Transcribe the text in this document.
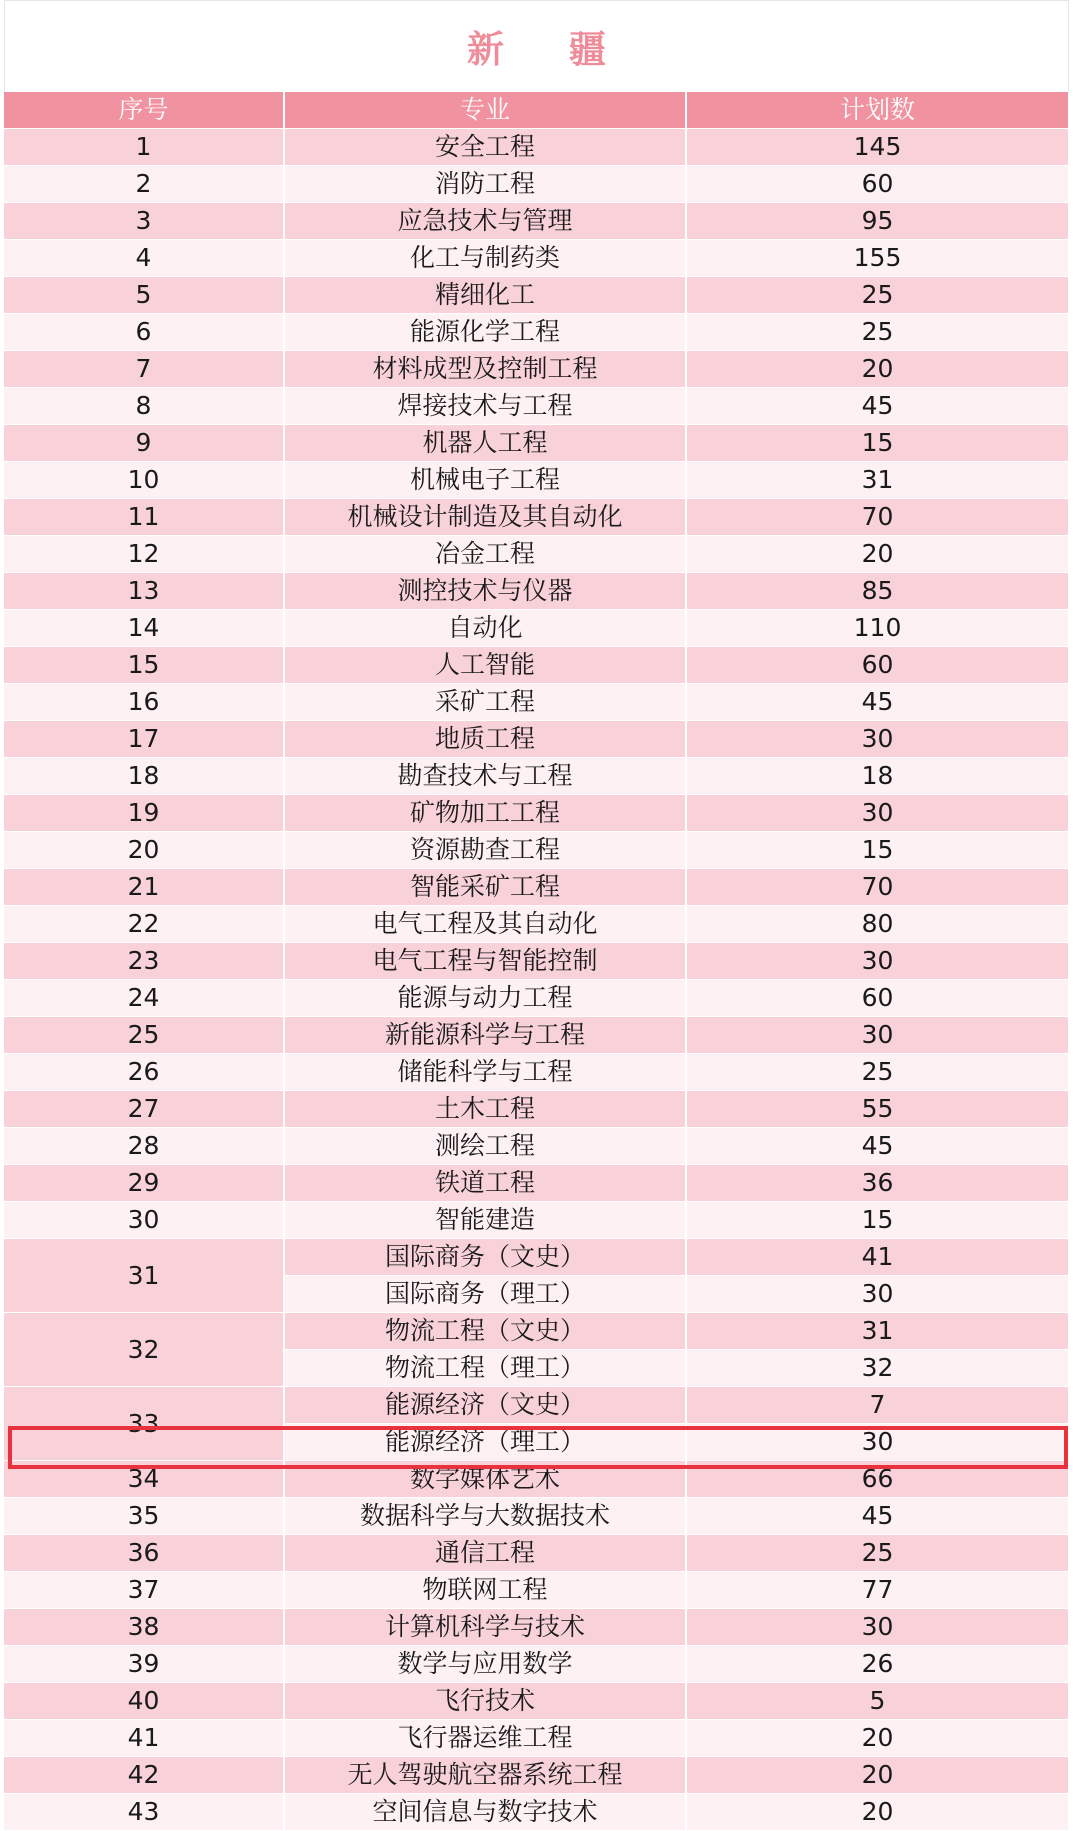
新 疆
序号	专业	计划数
1	安全工程	145
2	消防工程	60
3	应急技术与管理	95
4	化工与制药类	155
5	精细化工	25
6	能源化学工程	25
7	材料成型及控制工程	20
8	焊接技术与工程	45
9	机器人工程	15
10	机械电子工程	31
11	机械设计制造及其自动化	70
12	冶金工程	20
13	测控技术与仪器	85
14	自动化	110
15	人工智能	60
16	采矿工程	45
17	地质工程	30
18	勘查技术与工程	18
19	矿物加工工程	30
20	资源勘查工程	15
21	智能采矿工程	70
22	电气工程及其自动化	80
23	电气工程与智能控制	30
24	能源与动力工程	60
25	新能源科学与工程	30
26	储能科学与工程	25
27	土木工程	55
28	测绘工程	45
29	铁道工程	36
30	智能建造	15
31	国际商务（文史）	41
	国际商务（理工）	30
32	物流工程（文史）	31
	物流工程（理工）	32
33	能源经济（文史）	7
	能源经济（理工）	30
34	数字媒体艺术	66
35	数据科学与大数据技术	45
36	通信工程	25
37	物联网工程	77
38	计算机科学与技术	30
39	数学与应用数学	26
40	飞行技术	5
41	飞行器运维工程	20
42	无人驾驶航空器系统工程	20
43	空间信息与数字技术	20
